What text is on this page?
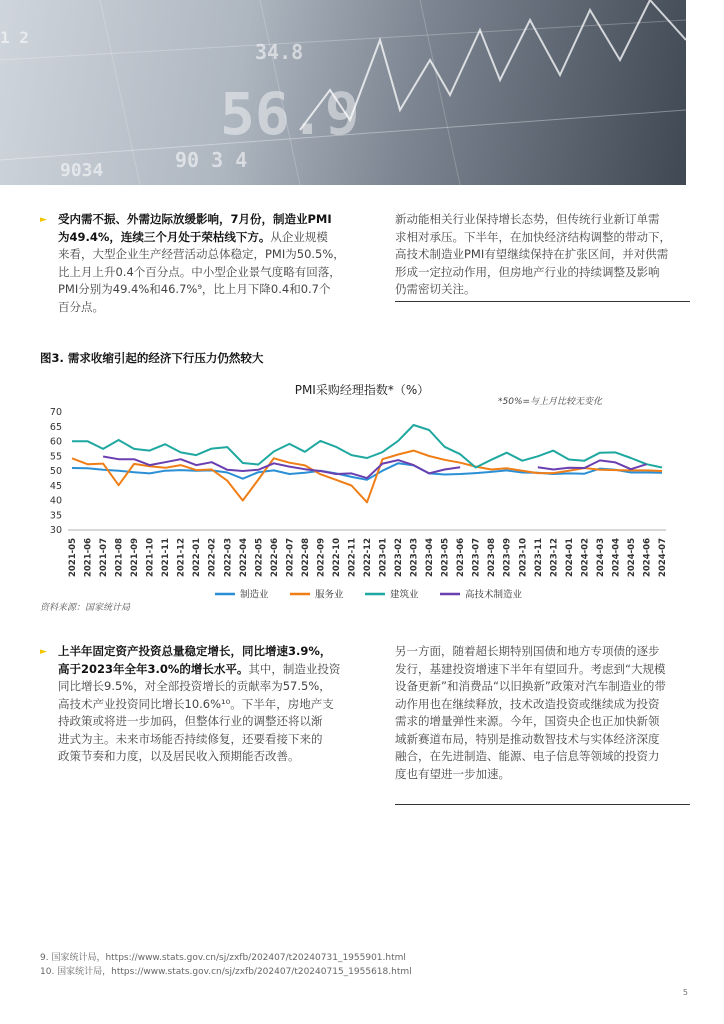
34.8
56.9
90 3 4
9034
1 2
► 受内需不振、外需边际放缓影响，7月份，制造业PMI
为49.4%，连续三个月处于荣枯线下方。从企业规模
来看，大型企业生产经营活动总体稳定，PMI为50.5%，
比上月上升0.4个百分点。中小型企业景气度略有回落，
PMI分别为49.4%和46.7%⁹，比上月下降0.4和0.7个
百分点。
新动能相关行业保持增长态势，但传统行业新订单需
求相对承压。下半年，在加快经济结构调整的带动下，
高技术制造业PMI有望继续保持在扩张区间，并对供需
形成一定拉动作用，但房地产行业的持续调整及影响
仍需密切关注。
图3. 需求收缩引起的经济下行压力仍然较大
PMI采购经理指数*（%）
*50%=与上月比较无变化
70
65
60
55
50
45
40
35
30
2021-05 2021-06 2021-07 2021-08 2021-09 2021-10 2021-11 2021-12 2022-01 2022-02 2022-03 2022-04 2022-05 2022-06 2022-07 2022-08 2022-09 2022-10 2022-11 2022-12 2023-01 2023-02 2023-03 2023-04 2023-05 2023-06 2023-07 2023-08 2023-09 2023-10 2023-11 2023-12 2024-01 2024-02 2024-03 2024-04 2024-05 2024-06 2024-07
制造业	服务业	建筑业	高技术制造业
资料来源：国家统计局
► 上半年固定资产投资总量稳定增长，同比增速3.9%，
高于2023年全年3.0%的增长水平。其中，制造业投资
同比增长9.5%，对全部投资增长的贡献率为57.5%，
高技术产业投资同比增长10.6%¹⁰。下半年，房地产支
持政策或将进一步加码，但整体行业的调整还将以渐
进式为主。未来市场能否持续修复，还要看接下来的
政策节奏和力度，以及居民收入预期能否改善。
另一方面，随着超长期特别国债和地方专项债的逐步
发行，基建投资增速下半年有望回升。考虑到“大规模
设备更新”和消费品“以旧换新”政策对汽车制造业的带
动作用也在继续释放，技术改造投资或继续成为投资
需求的增量弹性来源。今年，国资央企也正加快新领
域新赛道布局，特别是推动数智技术与实体经济深度
融合，在先进制造、能源、电子信息等领域的投资力
度也有望进一步加速。
9. 国家统计局，https://www.stats.gov.cn/sj/zxfb/202407/t20240731_1955901.html
10. 国家统计局，https://www.stats.gov.cn/sj/zxfb/202407/t20240715_1955618.html
5
